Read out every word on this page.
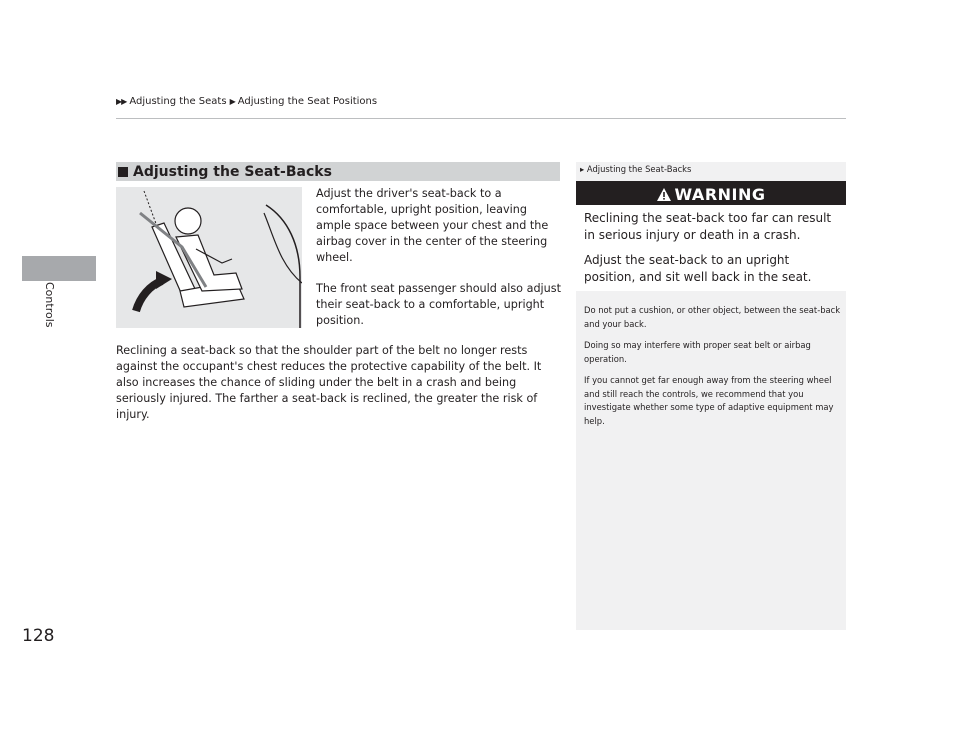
Controls
128
▶▶ Adjusting the Seats ▶ Adjusting the Seat Positions
Adjusting the Seat-Backs

Adjust the driver's seat-back to a comfortable, upright position, leaving ample space between your chest and the airbag cover in the center of the steering wheel.

The front seat passenger should also adjust their seat-back to a comfortable, upright position.

Reclining a seat-back so that the shoulder part of the belt no longer rests against the occupant's chest reduces the protective capability of the belt. It also increases the chance of sliding under the belt in a crash and being seriously injured. The farther a seat-back is reclined, the greater the risk of injury.

▸ Adjusting the Seat-Backs
WARNING

Reclining the seat-back too far can result in serious injury or death in a crash.

Adjust the seat-back to an upright position, and sit well back in the seat.

Do not put a cushion, or other object, between the seat-back and your back.

Doing so may interfere with proper seat belt or airbag operation.

If you cannot get far enough away from the steering wheel and still reach the controls, we recommend that you investigate whether some type of adaptive equipment may help.
